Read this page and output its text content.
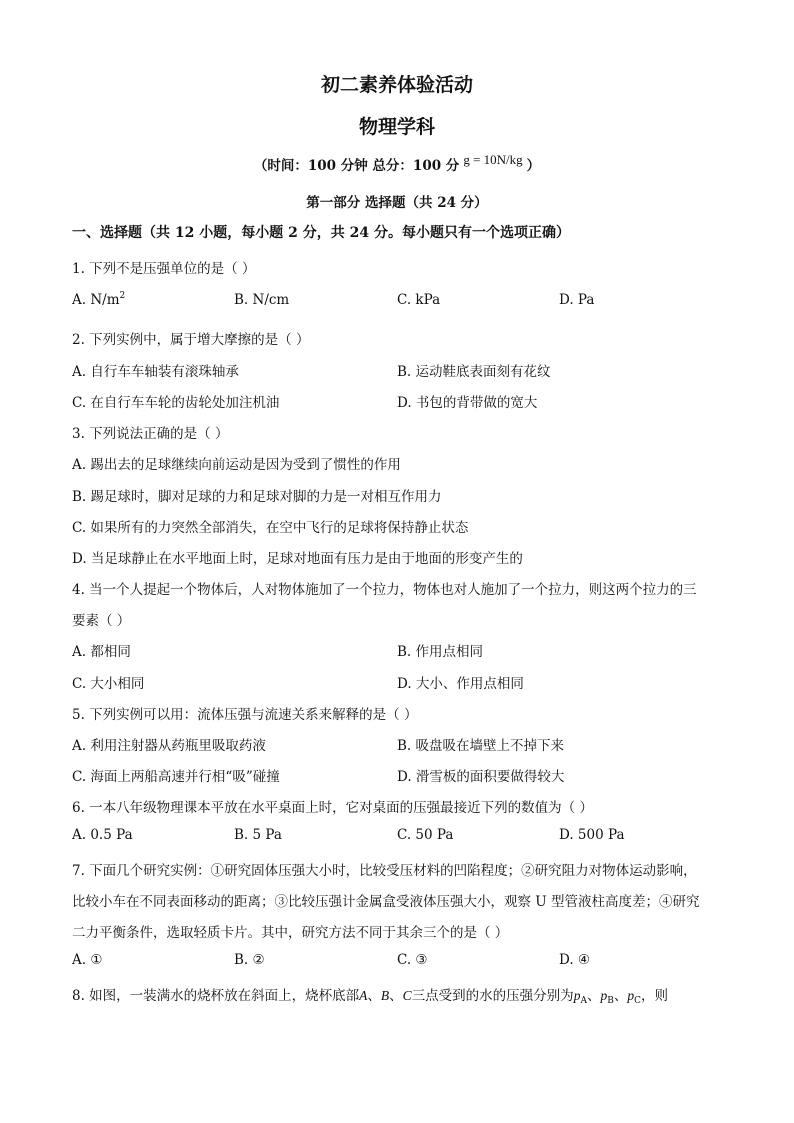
初二素养体验活动
物理学科
（时间：100 分钟 总分：100 分 g = 10N/kg ）
第一部分 选择题（共 24 分）
一、选择题（共 12 小题，每小题 2 分，共 24 分。每小题只有一个选项正确）
1. 下列不是压强单位的是（ ）
A. $N/m^2$	B. N/cm	C. kPa	D. Pa
2. 下列实例中，属于增大摩擦的是（ ）
A. 自行车车轴装有滚珠轴承	B. 运动鞋底表面刻有花纹
C. 在自行车车轮的齿轮处加注机油	D. 书包的背带做的宽大
3. 下列说法正确的是（ ）
A. 踢出去的足球继续向前运动是因为受到了惯性的作用
B. 踢足球时，脚对足球的力和足球对脚的力是一对相互作用力
C. 如果所有的力突然全部消失，在空中飞行的足球将保持静止状态
D. 当足球静止在水平地面上时，足球对地面有压力是由于地面的形变产生的
4. 当一个人提起一个物体后，人对物体施加了一个拉力，物体也对人施加了一个拉力，则这两个拉力的三
要素（ ）
A. 都相同	B. 作用点相同
C. 大小相同	D. 大小、作用点相同
5. 下列实例可以用：流体压强与流速关系来解释的是（ ）
A. 利用注射器从药瓶里吸取药液	B. 吸盘吸在墙壁上不掉下来
C. 海面上两船高速并行相“吸”碰撞	D. 滑雪板的面积要做得较大
6. 一本八年级物理课本平放在水平桌面上时，它对桌面的压强最接近下列的数值为（ ）
A. 0.5 Pa	B. 5 Pa	C. 50 Pa	D. 500 Pa
7. 下面几个研究实例：①研究固体压强大小时，比较受压材料的凹陷程度；②研究阻力对物体运动影响，
比较小车在不同表面移动的距离；③比较压强计金属盒受液体压强大小，观察 U 型管液柱高度差；④研究
二力平衡条件，选取轻质卡片。其中，研究方法不同于其余三个的是（ ）
A. ①	B. ②	C. ③	D. ④
8. 如图，一装满水的烧杯放在斜面上，烧杯底部A、B、C三点受到的水的压强分别为$p_A$、$p_B$、$p_C$，则
